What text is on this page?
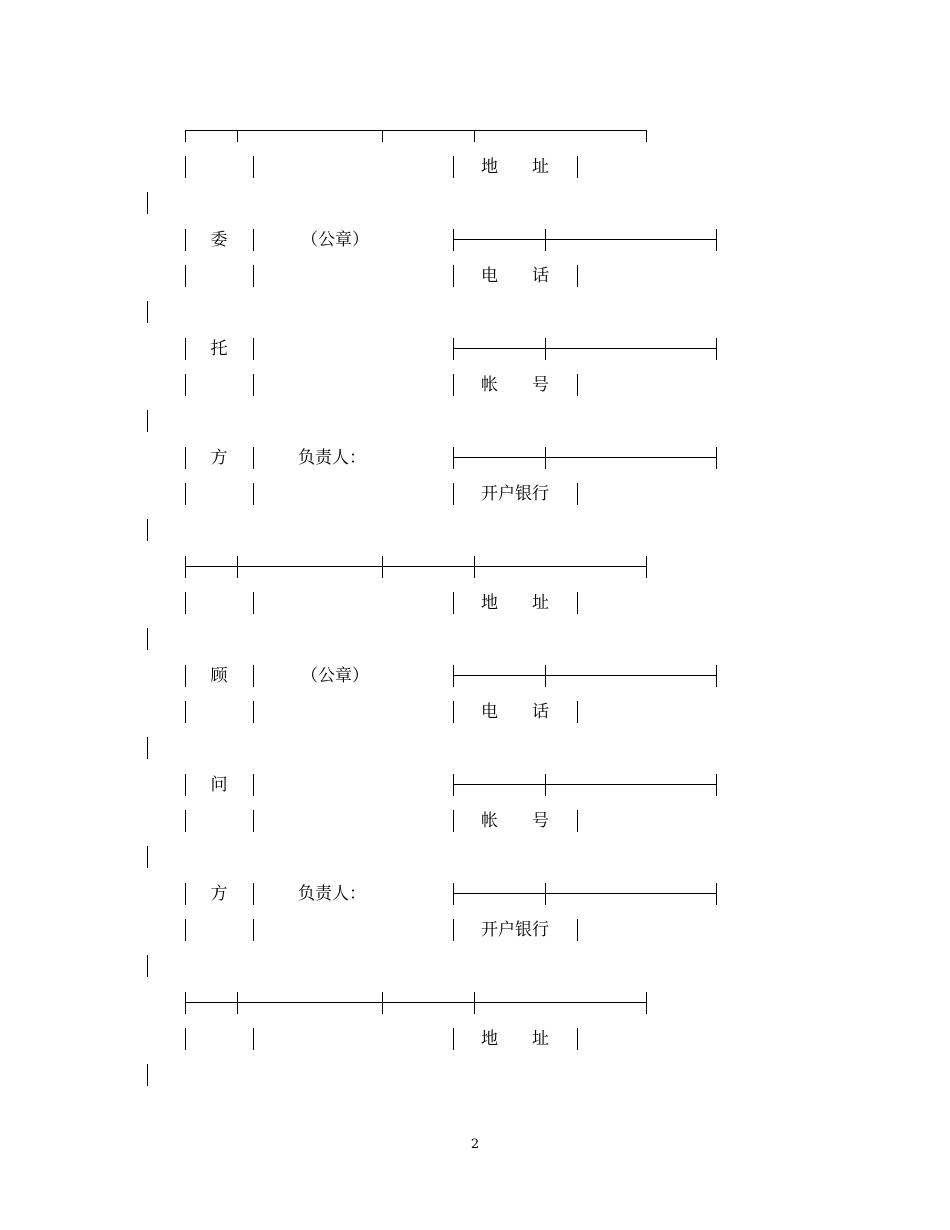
地　　址
委	（公章）
电　　话
托
帐　　号
方	负责人：
开户银行
地　　址
顾	（公章）
电　　话
问
帐　　号
方	负责人：
开户银行
地　　址
2
